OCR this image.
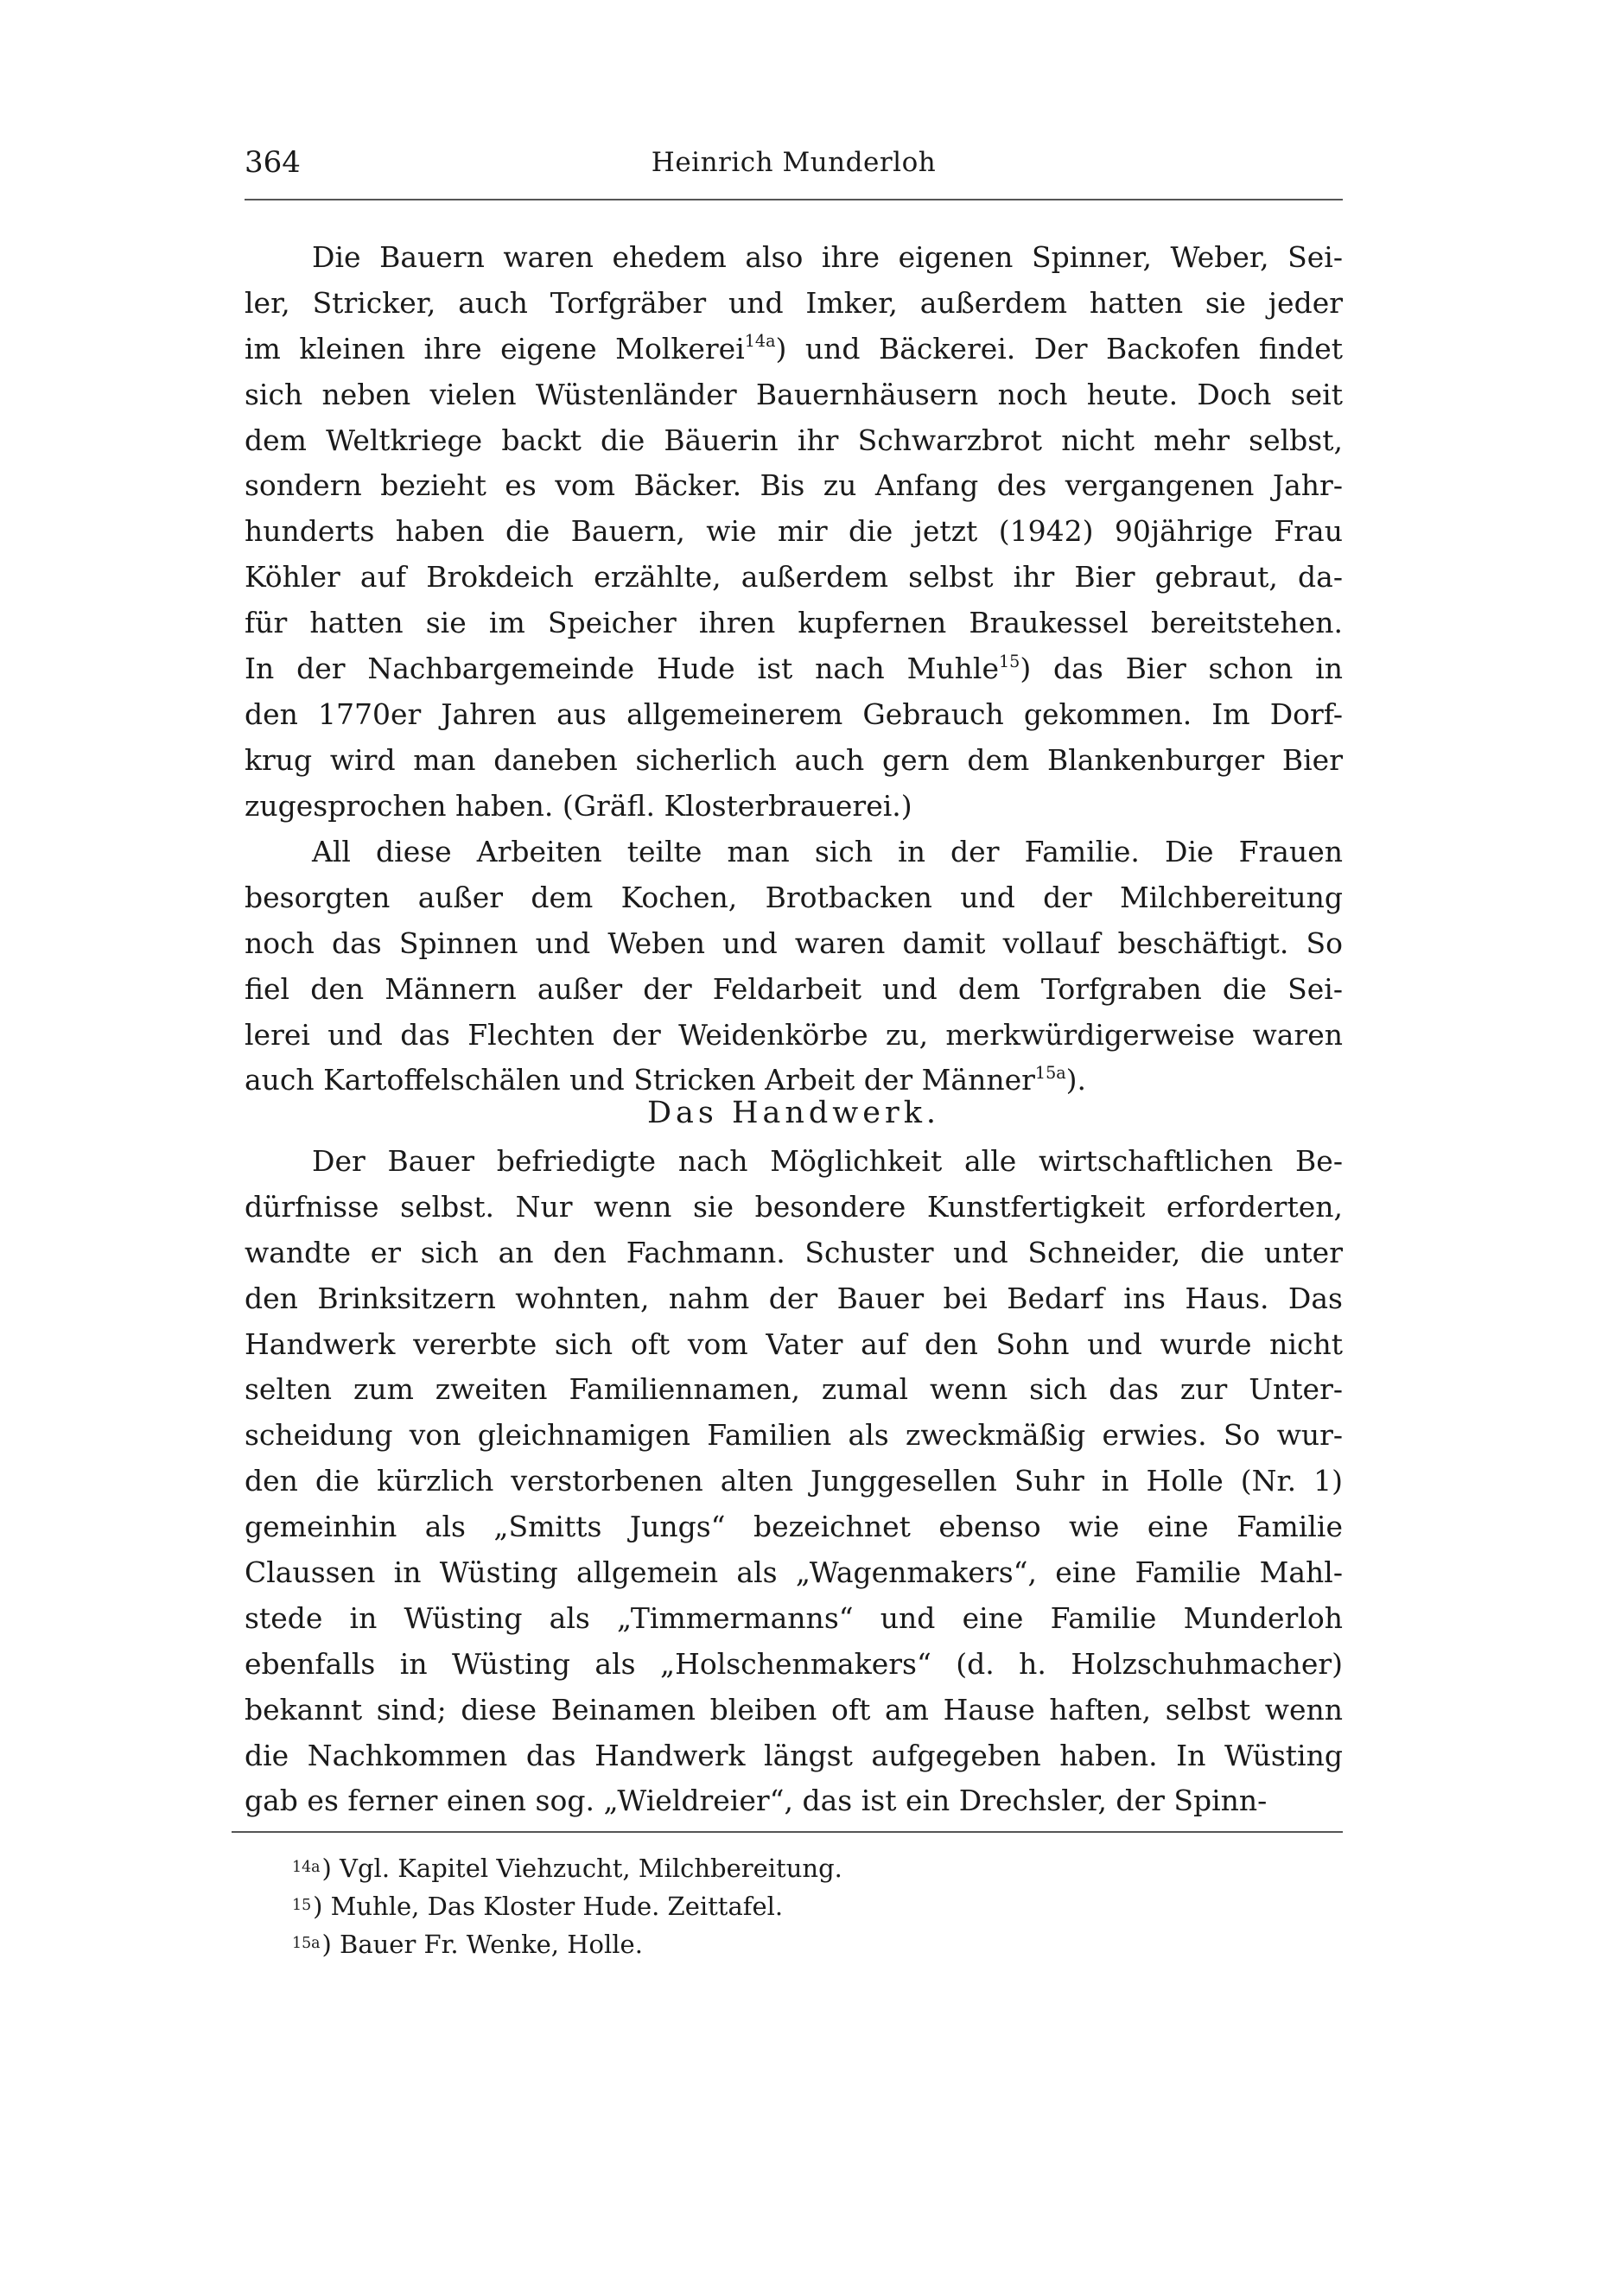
364	Heinrich Munderloh
Die Bauern waren ehedem also ihre eigenen Spinner, Weber, Sei-
ler, Stricker, auch Torfgräber und Imker, außerdem hatten sie jeder
im kleinen ihre eigene Molkerei$^{14a}$) und Bäckerei. Der Backofen findet
sich neben vielen Wüstenländer Bauernhäusern noch heute. Doch seit
dem Weltkriege backt die Bäuerin ihr Schwarzbrot nicht mehr selbst,
sondern bezieht es vom Bäcker. Bis zu Anfang des vergangenen Jahr-
hunderts haben die Bauern, wie mir die jetzt (1942) 90jährige Frau
Köhler auf Brokdeich erzählte, außerdem selbst ihr Bier gebraut, da-
für hatten sie im Speicher ihren kupfernen Braukessel bereitstehen.
In der Nachbargemeinde Hude ist nach Muhle$^{15}$) das Bier schon in
den 1770er Jahren aus allgemeinerem Gebrauch gekommen. Im Dorf-
krug wird man daneben sicherlich auch gern dem Blankenburger Bier
zugesprochen haben. (Gräfl. Klosterbrauerei.)
All diese Arbeiten teilte man sich in der Familie. Die Frauen
besorgten außer dem Kochen, Brotbacken und der Milchbereitung
noch das Spinnen und Weben und waren damit vollauf beschäftigt. So
fiel den Männern außer der Feldarbeit und dem Torfgraben die Sei-
lerei und das Flechten der Weidenkörbe zu, merkwürdigerweise waren
auch Kartoffelschälen und Stricken Arbeit der Männer$^{15a}$).
Das Handwerk.
Der Bauer befriedigte nach Möglichkeit alle wirtschaftlichen Be-
dürfnisse selbst. Nur wenn sie besondere Kunstfertigkeit erforderten,
wandte er sich an den Fachmann. Schuster und Schneider, die unter
den Brinksitzern wohnten, nahm der Bauer bei Bedarf ins Haus. Das
Handwerk vererbte sich oft vom Vater auf den Sohn und wurde nicht
selten zum zweiten Familiennamen, zumal wenn sich das zur Unter-
scheidung von gleichnamigen Familien als zweckmäßig erwies. So wur-
den die kürzlich verstorbenen alten Junggesellen Suhr in Holle (Nr. 1)
gemeinhin als „Smitts Jungs“ bezeichnet ebenso wie eine Familie
Claussen in Wüsting allgemein als „Wagenmakers“, eine Familie Mahl-
stede in Wüsting als „Timmermanns“ und eine Familie Munderloh
ebenfalls in Wüsting als „Holschenmakers“ (d. h. Holzschuhmacher)
bekannt sind; diese Beinamen bleiben oft am Hause haften, selbst wenn
die Nachkommen das Handwerk längst aufgegeben haben. In Wüsting
gab es ferner einen sog. „Wieldreier“, das ist ein Drechsler, der Spinn-
$^{14a}$) Vgl. Kapitel Viehzucht, Milchbereitung.
$^{15}$) Muhle, Das Kloster Hude. Zeittafel.
$^{15a}$) Bauer Fr. Wenke, Holle.
